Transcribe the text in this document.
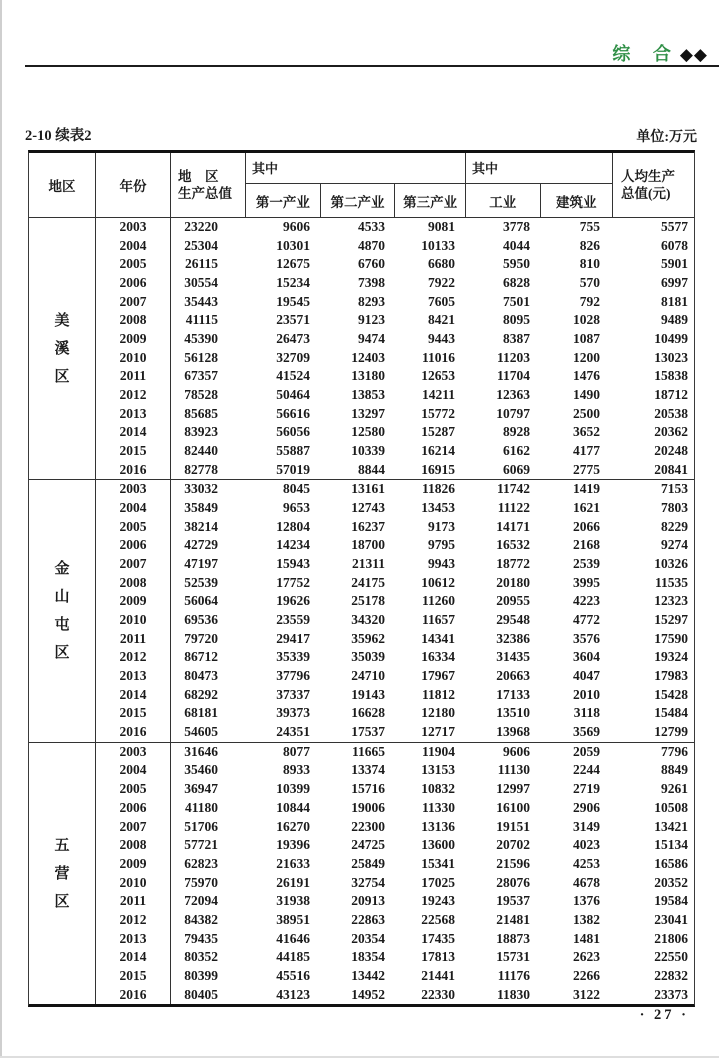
综 合◆◆
2-10 续表2	单位:万元
地区	年份
地　区
生产总值
其中
第一产业	第二产业	第三产业
其中
工业	建筑业
人均生产
总值(元)
美
溪
区
2003	23220	9606	4533	9081	3778	755	5577
2004	25304	10301	4870	10133	4044	826	6078
2005	26115	12675	6760	6680	5950	810	5901
2006	30554	15234	7398	7922	6828	570	6997
2007	35443	19545	8293	7605	7501	792	8181
2008	41115	23571	9123	8421	8095	1028	9489
2009	45390	26473	9474	9443	8387	1087	10499
2010	56128	32709	12403	11016	11203	1200	13023
2011	67357	41524	13180	12653	11704	1476	15838
2012	78528	50464	13853	14211	12363	1490	18712
2013	85685	56616	13297	15772	10797	2500	20538
2014	83923	56056	12580	15287	8928	3652	20362
2015	82440	55887	10339	16214	6162	4177	20248
2016	82778	57019	8844	16915	6069	2775	20841
金
山
屯
区
2003	33032	8045	13161	11826	11742	1419	7153
2004	35849	9653	12743	13453	11122	1621	7803
2005	38214	12804	16237	9173	14171	2066	8229
2006	42729	14234	18700	9795	16532	2168	9274
2007	47197	15943	21311	9943	18772	2539	10326
2008	52539	17752	24175	10612	20180	3995	11535
2009	56064	19626	25178	11260	20955	4223	12323
2010	69536	23559	34320	11657	29548	4772	15297
2011	79720	29417	35962	14341	32386	3576	17590
2012	86712	35339	35039	16334	31435	3604	19324
2013	80473	37796	24710	17967	20663	4047	17983
2014	68292	37337	19143	11812	17133	2010	15428
2015	68181	39373	16628	12180	13510	3118	15484
2016	54605	24351	17537	12717	13968	3569	12799
五
营
区
2003	31646	8077	11665	11904	9606	2059	7796
2004	35460	8933	13374	13153	11130	2244	8849
2005	36947	10399	15716	10832	12997	2719	9261
2006	41180	10844	19006	11330	16100	2906	10508
2007	51706	16270	22300	13136	19151	3149	13421
2008	57721	19396	24725	13600	20702	4023	15134
2009	62823	21633	25849	15341	21596	4253	16586
2010	75970	26191	32754	17025	28076	4678	20352
2011	72094	31938	20913	19243	19537	1376	19584
2012	84382	38951	22863	22568	21481	1382	23041
2013	79435	41646	20354	17435	18873	1481	21806
2014	80352	44185	18354	17813	15731	2623	22550
2015	80399	45516	13442	21441	11176	2266	22832
2016	80405	43123	14952	22330	11830	3122	23373
· 27 ·
